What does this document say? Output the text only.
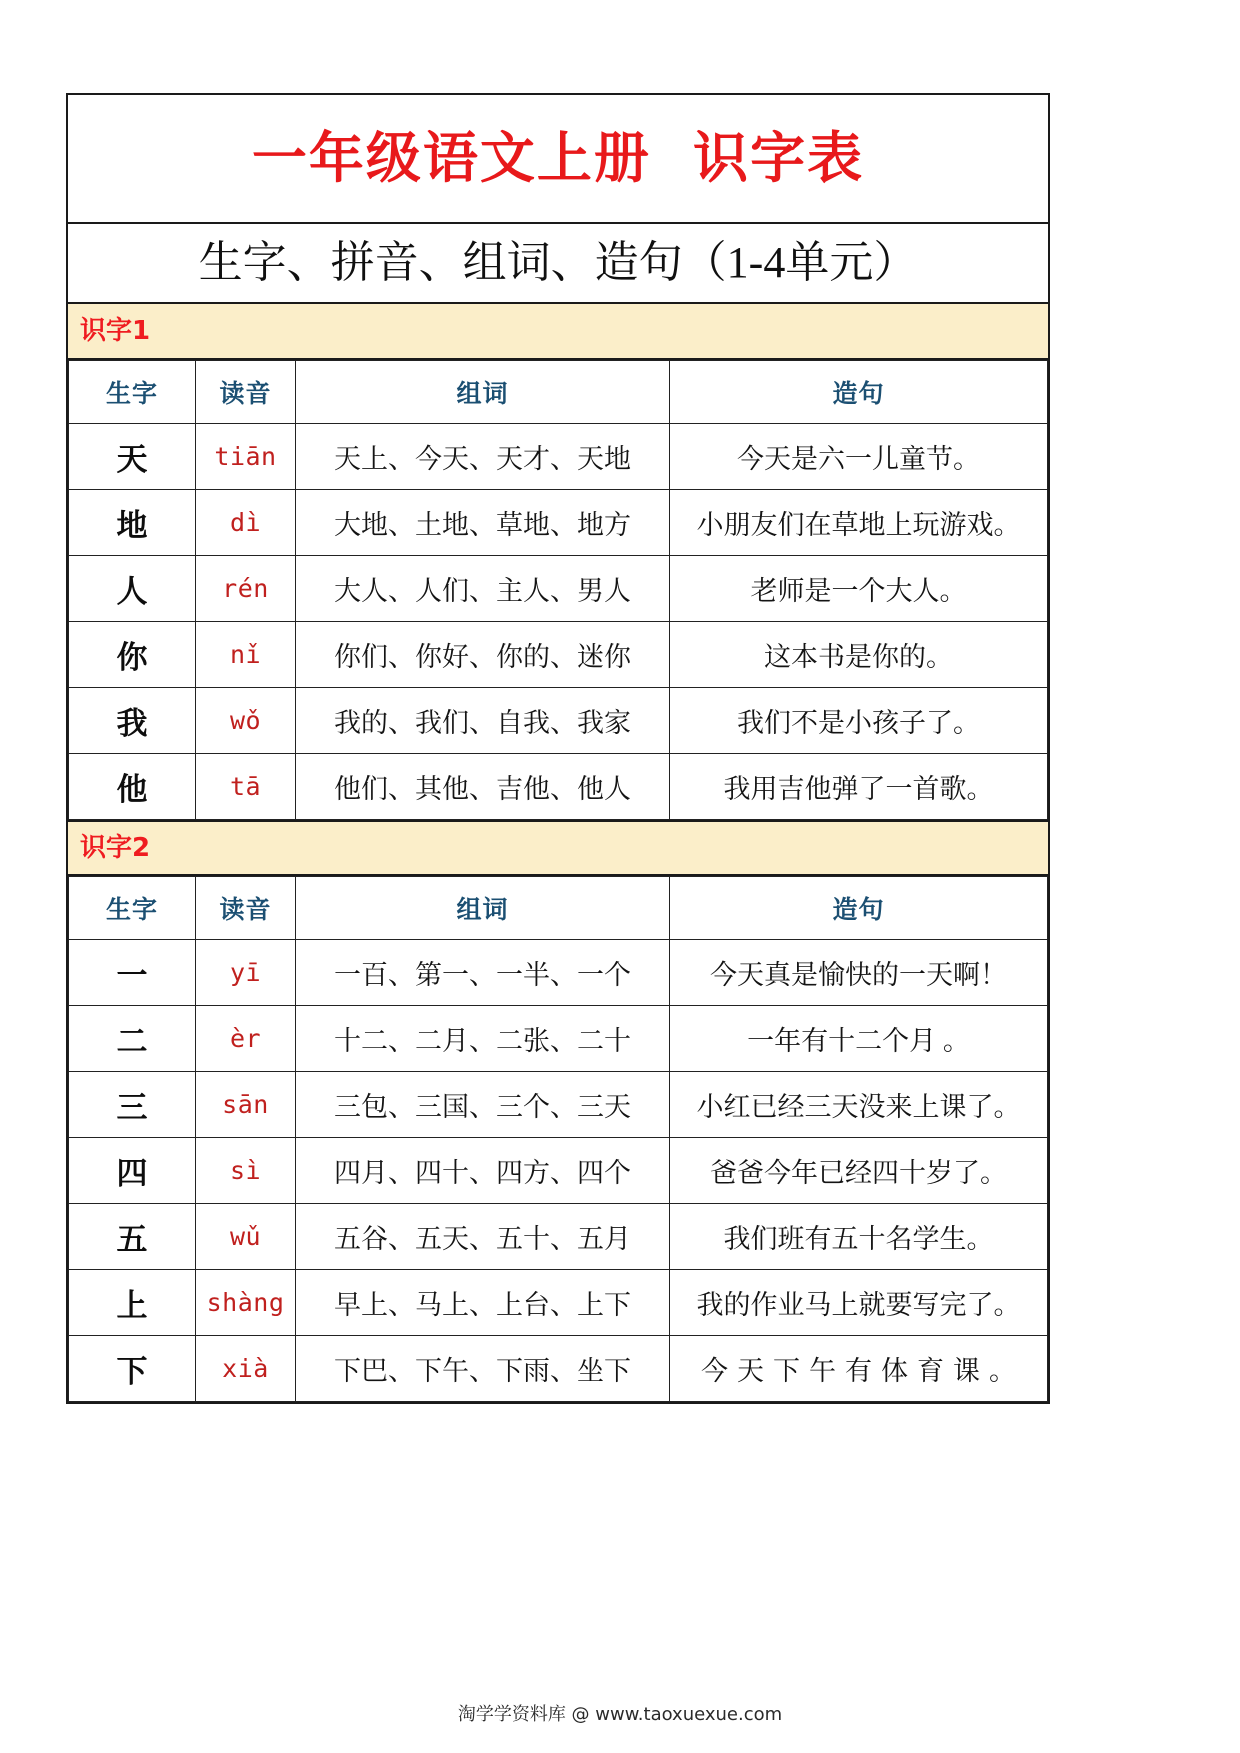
一年级语文上册  识字表
生字、拼音、组词、造句（1-4单元）
识字1
生字	读音	组词	造句
天	tiān	天上、今天、天才、天地	今天是六一儿童节。
地	dì	大地、土地、草地、地方	小朋友们在草地上玩游戏。
人	rén	大人、人们、主人、男人	老师是一个大人。
你	nǐ	你们、你好、你的、迷你	这本书是你的。
我	wǒ	我的、我们、自我、我家	我们不是小孩子了。
他	tā	他们、其他、吉他、他人	我用吉他弹了一首歌。
识字2
生字	读音	组词	造句
一	yī	一百、第一、一半、一个	今天真是愉快的一天啊！
二	èr	十二、二月、二张、二十	一年有十二个月 。
三	sān	三包、三国、三个、三天	小红已经三天没来上课了。
四	sì	四月、四十、四方、四个	爸爸今年已经四十岁了。
五	wǔ	五谷、五天、五十、五月	我们班有五十名学生。
上	shàng	早上、马上、上台、上下	我的作业马上就要写完了。
下	xià	下巴、下午、下雨、坐下	今天下午有体育课。
淘学学资料库 @ www.taoxuexue.com
